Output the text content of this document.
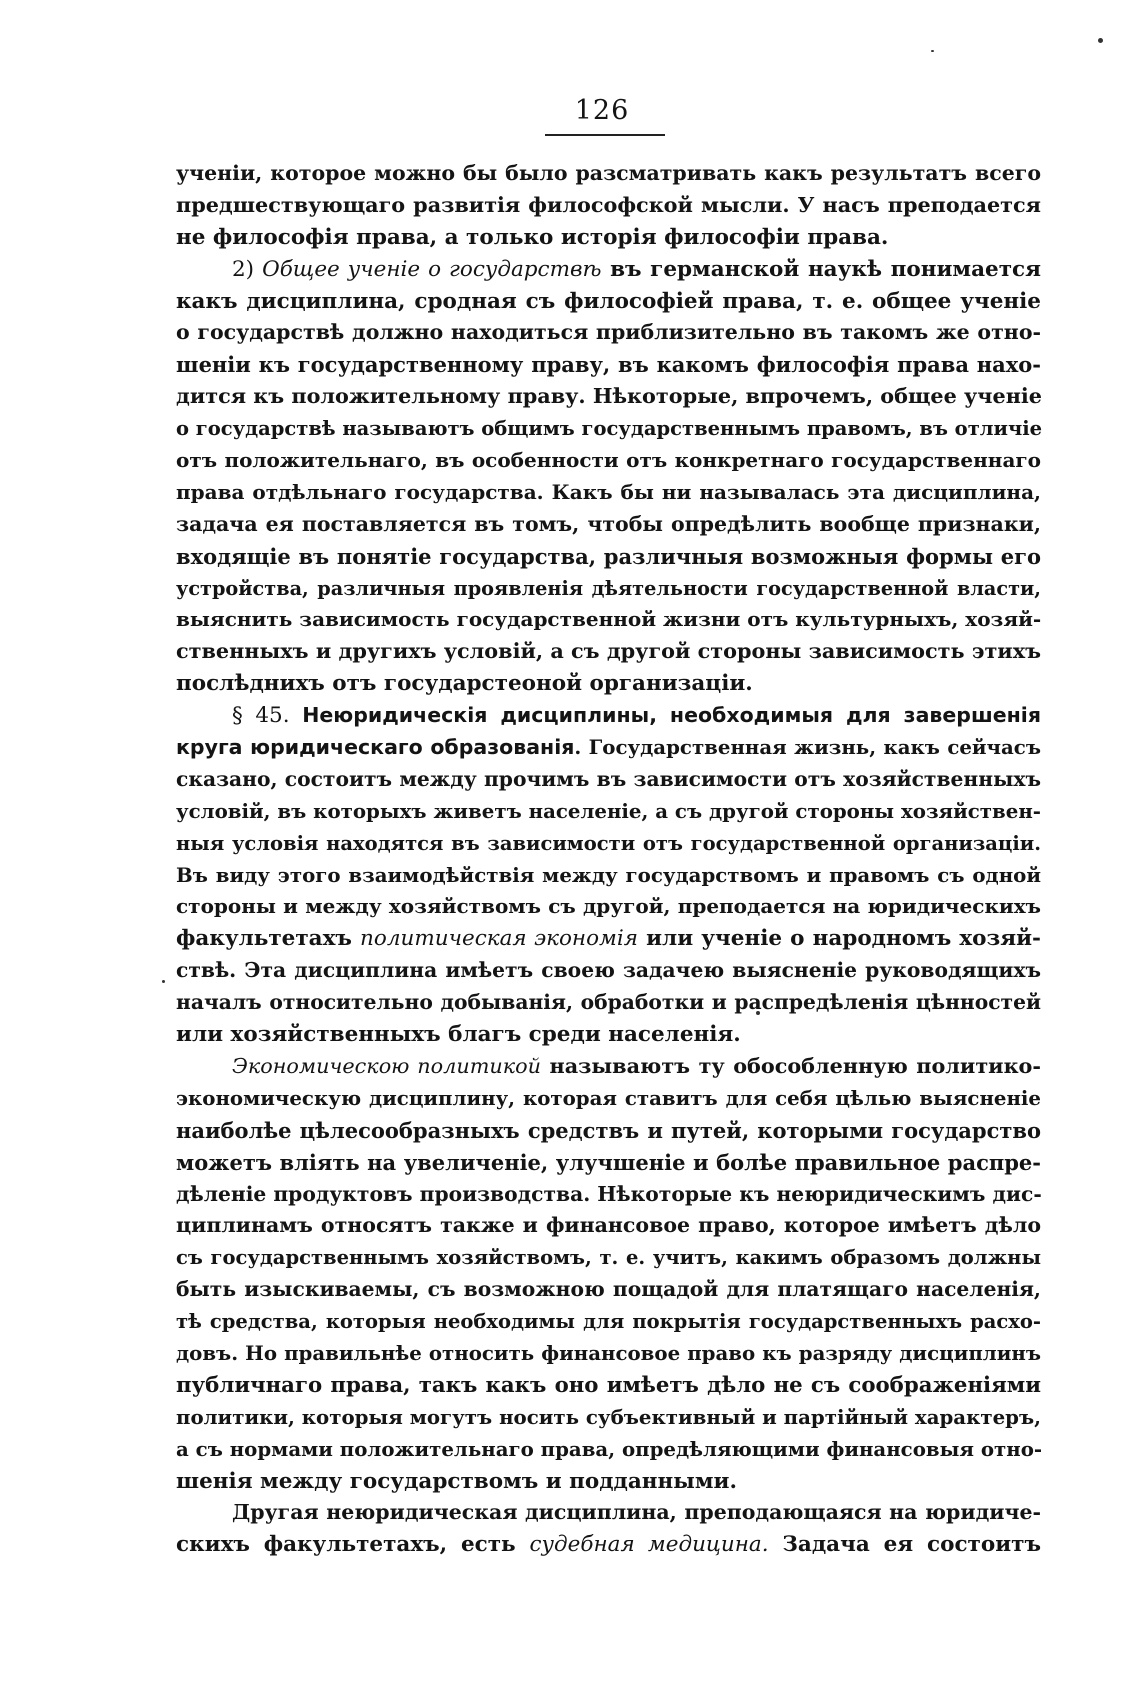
126
ученіи, которое можно бы было разсматривать какъ результатъ всего
предшествующаго развитія философской мысли. У насъ преподается
не философія права, а только исторія философіи права.
2) Общее ученіе о государствѣ въ германской наукѣ понимается
какъ дисциплина, сродная съ философіей права, т. е. общее ученіе
о государствѣ должно находиться приблизительно въ такомъ же отно-
шеніи къ государственному праву, въ какомъ философія права нахо-
дится къ положительному праву. Нѣкоторые, впрочемъ, общее ученіе
о государствѣ называютъ общимъ государственнымъ правомъ, въ отличіе
отъ положительнаго, въ особенности отъ конкретнаго государственнаго
права отдѣльнаго государства. Какъ бы ни называлась эта дисциплина,
задача ея поставляется въ томъ, чтобы опредѣлить вообще признаки,
входящіе въ понятіе государства, различныя возможныя формы его
устройства, различныя проявленія дѣятельности государственной власти,
выяснить зависимость государственной жизни отъ культурныхъ, хозяй-
ственныхъ и другихъ условій, а съ другой стороны зависимость этихъ
послѣднихъ отъ государстеоной организаціи.
§ 45. Неюридическія дисциплины, необходимыя для завершенія
круга юридическаго образованія. Государственная жизнь, какъ сейчасъ
сказано, состоитъ между прочимъ въ зависимости отъ хозяйственныхъ
условій, въ которыхъ живетъ населеніе, а съ другой стороны хозяйствен-
ныя условія находятся въ зависимости отъ государственной организаціи.
Въ виду этого взаимодѣйствія между государствомъ и правомъ съ одной
стороны и между хозяйствомъ съ другой, преподается на юридическихъ
факультетахъ политическая экономія или ученіе о народномъ хозяй-
ствѣ. Эта дисциплина имѣетъ своею задачею выясненіе руководящихъ
началъ относительно добыванія, обработки и распредѣленія цѣнностей
или хозяйственныхъ благъ среди населенія.
Экономическою политикой называютъ ту обособленную политико-
экономическую дисциплину, которая ставитъ для себя цѣлью выясненіе
наиболѣе цѣлесообразныхъ средствъ и путей, которыми государство
можетъ вліять на увеличеніе, улучшеніе и болѣе правильное распре-
дѣленіе продуктовъ производства. Нѣкоторые къ неюридическимъ дис-
циплинамъ относятъ также и финансовое право, которое имѣетъ дѣло
съ государственнымъ хозяйствомъ, т. е. учитъ, какимъ образомъ должны
быть изыскиваемы, съ возможною пощадой для платящаго населенія,
тѣ средства, которыя необходимы для покрытія государственныхъ расхо-
довъ. Но правильнѣе относить финансовое право къ разряду дисциплинъ
публичнаго права, такъ какъ оно имѣетъ дѣло не съ соображеніями
политики, которыя могутъ носить субъективный и партійный характеръ,
а съ нормами положительнаго права, опредѣляющими финансовыя отно-
шенія между государствомъ и подданными.
Другая неюридическая дисциплина, преподающаяся на юридиче-
скихъ факультетахъ, есть судебная медицина. Задача ея состоитъ
